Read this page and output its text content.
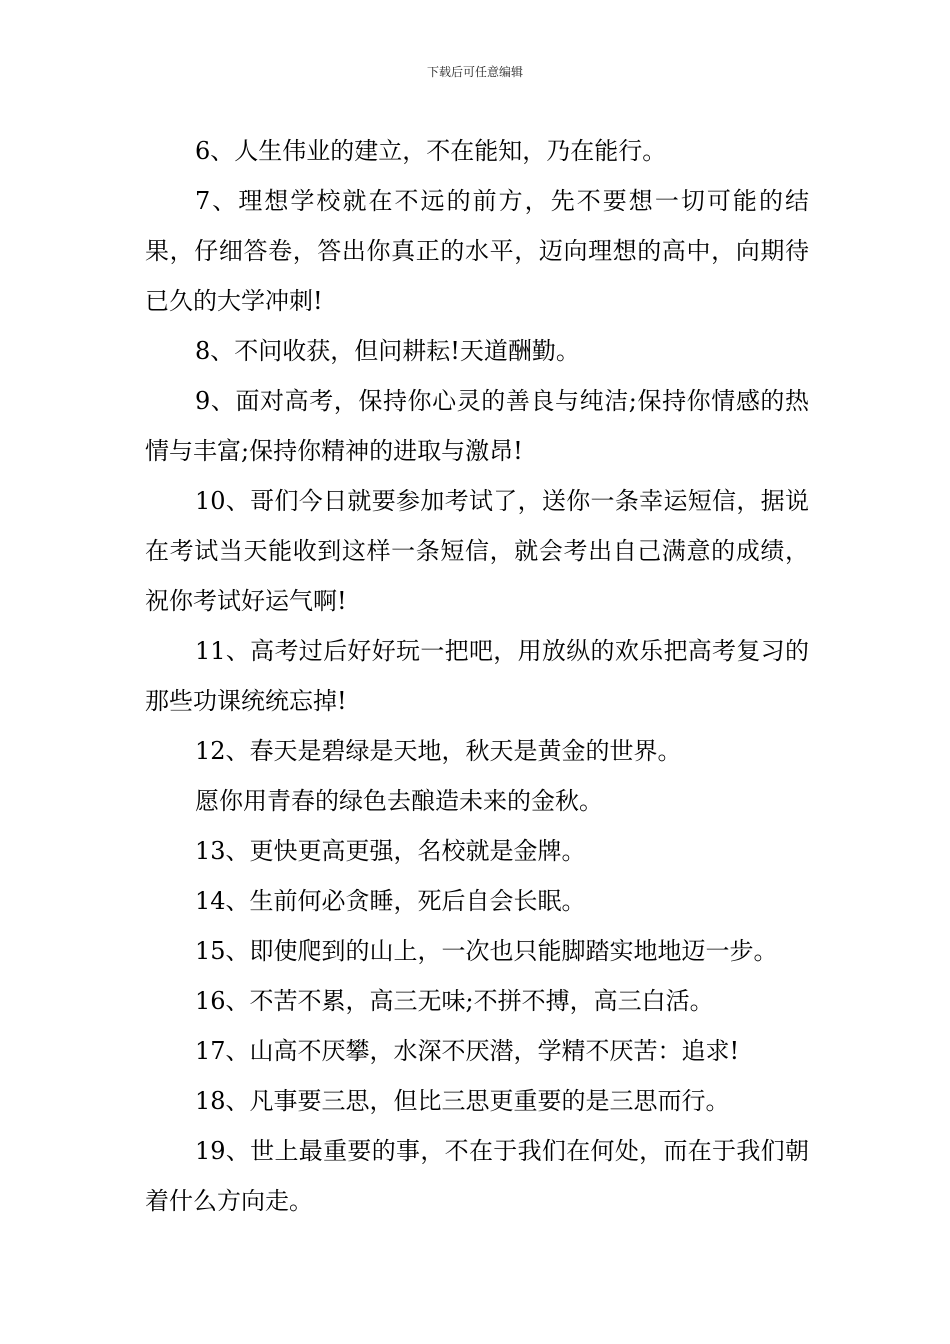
下载后可任意编辑

6、人生伟业的建立，不在能知，乃在能行。

7、理想学校就在不远的前方，先不要想一切可能的结果，仔细答卷，答出你真正的水平，迈向理想的高中，向期待已久的大学冲刺!

8、不问收获，但问耕耘!天道酬勤。

9、面对高考，保持你心灵的善良与纯洁;保持你情感的热情与丰富;保持你精神的进取与激昂!

10、哥们今日就要参加考试了，送你一条幸运短信，据说在考试当天能收到这样一条短信，就会考出自己满意的成绩，祝你考试好运气啊!

11、高考过后好好玩一把吧，用放纵的欢乐把高考复习的那些功课统统忘掉!

12、春天是碧绿是天地，秋天是黄金的世界。

愿你用青春的绿色去酿造未来的金秋。

13、更快更高更强，名校就是金牌。

14、生前何必贪睡，死后自会长眠。

15、即使爬到的山上，一次也只能脚踏实地地迈一步。

16、不苦不累，高三无味;不拼不搏，高三白活。

17、山高不厌攀，水深不厌潜，学精不厌苦：追求!

18、凡事要三思，但比三思更重要的是三思而行。

19、世上最重要的事，不在于我们在何处，而在于我们朝着什么方向走。
